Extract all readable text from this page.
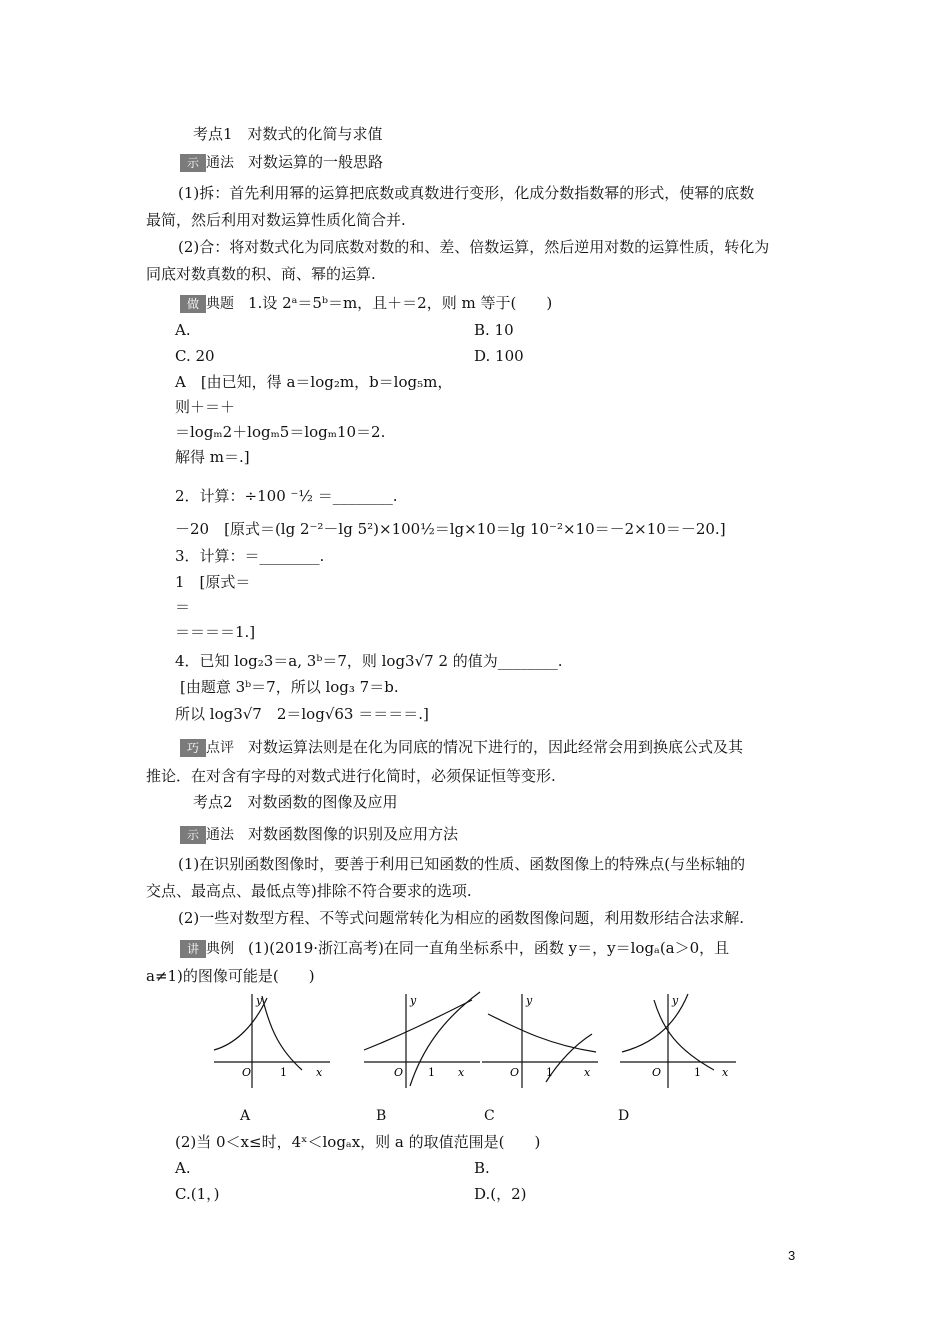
考点1　对数式的化简与求值
示 通法 对数运算的一般思路
(1)拆：首先利用幂的运算把底数或真数进行变形，化成分数指数幂的形式，使幂的底数
最简，然后利用对数运算性质化简合并.
(2)合：将对数式化为同底数对数的和、差、倍数运算，然后逆用对数的运算性质，转化为
同底对数真数的积、商、幂的运算.
做 典题 1.设 2ᵃ＝5ᵇ＝m，且＋＝2，则 m 等于(　　)
A.	B. 10
C. 20	D. 100
A　[由已知，得 a＝log₂m，b＝log₅m，
则＋＝＋
＝logₘ2＋logₘ5＝logₘ10＝2.
解得 m＝.]
2．计算：÷100 ⁻½ ＝________.
－20　[原式＝(lg 2⁻²－lg 5²)×100½＝lg×10＝lg 10⁻²×10＝－2×10＝－20.]
3．计算：＝________.
1　[原式＝
＝
＝＝＝＝1.]
4．已知 log₂3＝a, 3ᵇ＝7，则 log3√7 2 的值为________.
[由题意 3ᵇ＝7，所以 log₃ 7＝b.
所以 log3√7　2＝log√63 ＝＝＝＝.]
巧 点评 对数运算法则是在化为同底的情况下进行的，因此经常会用到换底公式及其
推论．在对含有字母的对数式进行化简时，必须保证恒等变形.
考点2　对数函数的图像及应用
示 通法 对数函数图像的识别及应用方法
(1)在识别函数图像时，要善于利用已知函数的性质、函数图像上的特殊点(与坐标轴的
交点、最高点、最低点等)排除不符合要求的选项.
(2)一些对数型方程、不等式问题常转化为相应的函数图像问题，利用数形结合法求解.
讲 典例 (1)(2019·浙江高考)在同一直角坐标系中，函数 y＝，y＝logₐ(a＞0，且
a≠1)的图像可能是(　　)
y
x
O	1
A
y
x
O 1
B
y
x
O 1
C
y
x
O	1
D
(2)当 0＜x≤时，4ˣ＜logₐx，则 a 的取值范围是(　　)
A.	B.
C.(1，)	D.(，2)
3
